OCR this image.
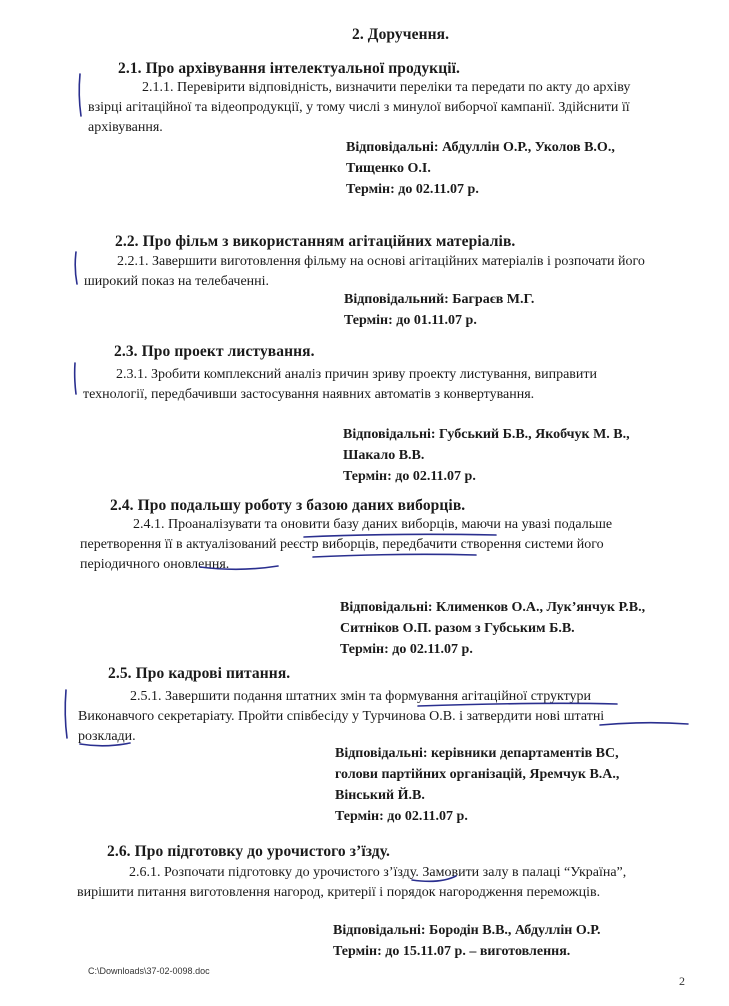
2. Доручення.
2.1. Про архівування інтелектуальної продукції.
2.1.1. Перевірити відповідність, визначити переліки та передати по акту до архіву
взірці агітаційної та відеопродукції, у тому числі з минулої виборчої кампанії. Здійснити її
архівування.
Відповідальні: Абдуллін О.Р., Уколов В.О.,
Тищенко О.І.
Термін: до 02.11.07 р.
2.2. Про фільм з використанням агітаційних матеріалів.
2.2.1. Завершити виготовлення фільму на основі агітаційних матеріалів і розпочати його
широкий показ на телебаченні.
Відповідальний: Баграєв М.Г.
Термін: до 01.11.07 р.
2.3. Про проект листування.
2.3.1. Зробити комплексний аналіз причин зриву проекту листування, виправити
технології, передбачивши застосування наявних автоматів з конвертування.
Відповідальні: Губський Б.В., Якобчук М. В.,
Шакало В.В.
Термін: до 02.11.07 р.
2.4. Про подальшу роботу з базою даних виборців.
2.4.1. Проаналізувати та оновити базу даних виборців, маючи на увазі подальше
перетворення її в актуалізований реєстр виборців, передбачити створення системи його
періодичного оновлення.
Відповідальні: Клименков О.А., Лук’янчук Р.В.,
Ситніков О.П. разом з Губським Б.В.
Термін: до 02.11.07 р.
2.5. Про кадрові питання.
2.5.1. Завершити подання штатних змін та формування агітаційної структури
Виконавчого секретаріату. Пройти співбесіду у Турчинова О.В. і затвердити нові штатні
розклади.
Відповідальні: керівники департаментів ВС,
голови партійних організацій, Яремчук В.А.,
Вінський Й.В.
Термін: до 02.11.07 р.
2.6. Про підготовку до урочистого з’їзду.
2.6.1. Розпочати підготовку до урочистого з’їзду. Замовити залу в палаці “Україна”,
вирішити питання виготовлення нагород, критерії і порядок нагородження переможців.
Відповідальні: Бородін В.В., Абдуллін О.Р.
Термін: до 15.11.07 р. – виготовлення.
C:\Downloads\37-02-0098.doc
2
